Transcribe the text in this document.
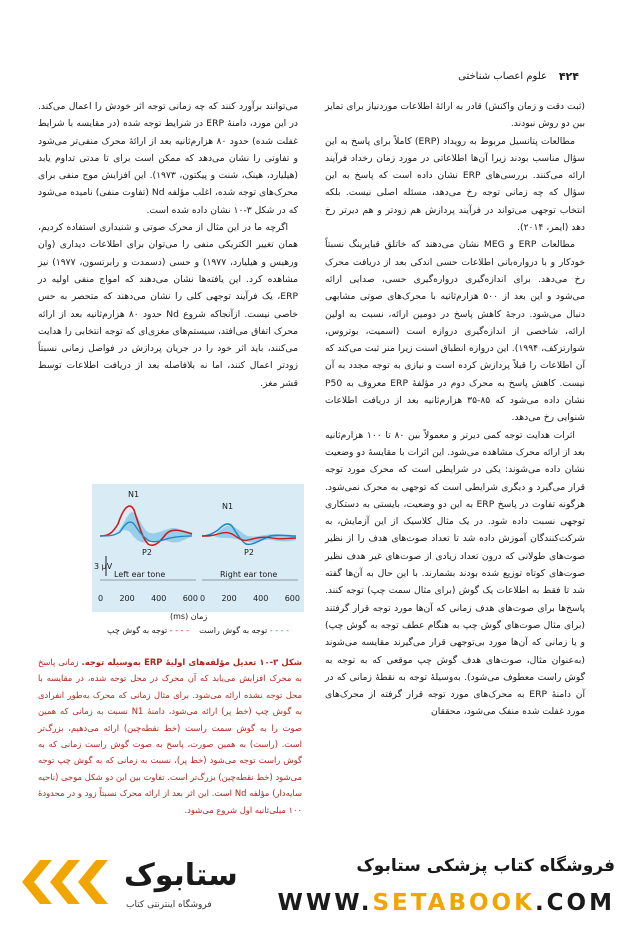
۴۲۴
علوم اعصاب شناختی

(ثبت دقت و زمان واکنش) قادر به ارائهٔ اطلاعات موردنیاز برای تمایز بین دو روش نبودند.

مطالعات پتانسیل مربوط به رویداد (ERP) کاملاً برای پاسخ به این سؤال مناسب بودند زیرا آن‌ها اطلاعاتی در مورد زمان رخداد فرآیند ارائه می‌کنند. بررسی‌های ERP نشان داده است که پاسخ به این سؤال که چه زمانی توجه رخ می‌دهد، مسئله اصلی نیست. بلکه انتخاب توجهی می‌تواند در فرآیند پردازش هم زودتر و هم دیرتر رخ دهد (ایمر، ۲۰۱۴).

مطالعات ERP و MEG نشان می‌دهند که خاتلق قبایرینگ نسبتاً خودکار و با درواره‌بانی اطلاعات حسی اندکی بعد از دریافت محرک رخ می‌دهد. برای اندازه‌گیری درواره‌گیری حسی، صدایی ارائه می‌شود و این بعد از ۵۰۰ هزارم‌ثانیه با محرک‌های صوتی مشابهی دنبال می‌شود. درجهٔ کاهش پاسخ در دومین ارائه، نسبت به اولین ارائه، شاخصی از اندازه‌گیری دروازه است (اسمیت، بوتروس، شوارتزکف، ۱۹۹۴). این دروازه انطباق اسنت زیرا منر ثبت می‌کند که آن اطلاعات را قبلاً پردازش کرده است و نیازی به توجه مجدد به آن نیست. کاهش پاسخ به محرک دوم در مؤلفهٔ ERP معروف به P50 نشان داده می‌شود که ۸۵-۳۵ هزارم‌ثانیه بعد از دریافت اطلاعات شنوایی رخ می‌دهد.

اثرات هدایت توجه کمی دیرتر و معمولاً بین ۸۰ تا ۱۰۰ هزارم‌ثانیه بعد از ارائه محرک مشاهده می‌شود. این اثرات با مقایسهٔ دو وضعیت نشان داده می‌شوند: یکی در شرایطی است که محرک مورد توجه قرار می‌گیرد و دیگری شرایطی است که توجهی به محرک نمی‌شود. هرگونه تفاوت در پاسخ ERP به این دو وضعیت، بایستی به دستکاری توجهی نسبت داده شود. در یک مثال کلاسیک از این آزمایش، به شرکت‌کنندگان آموزش داده شد تا تعداد صوت‌های هدف را از نظیر صوت‌های طولانی که درون تعداد زیادی از صوت‌های غیر هدف نظیر صوت‌های کوتاه توزیع شده بودند بشمارند. با این حال به آن‌ها گفته شد تا فقط به اطلاعات یک گوش (برای مثال سمت چپ) توجه کنند. پاسخ‌ها برای صوت‌های هدف زمانی که آن‌ها مورد توجه قرار گرفتند (برای مثال صوت‌های گوش چپ به هنگام عطف توجه به گوش چپ) و یا زمانی که آن‌ها مورد بی‌توجهی قرار می‌گیرند مقایسه می‌شوند (به‌عنوان مثال، صوت‌های هدف گوش چپ موقعی که به توجه به گوش راست معطوف می‌شود). به‌وسیلهٔ توجه به نقطهٔ زمانی که در آن دامنهٔ ERP به محرک‌های مورد توجه قرار گرفته از محرک‌های مورد غفلت شده منفک می‌شود، محققان

می‌توانند برآورد کنند که چه زمانی توجه اثر خودش را اعمال می‌کند. در این مورد، دامنهٔ ERP در شرایط توجه شده (در مقایسه با شرایط غفلت شده) حدود ۸۰ هزارم‌ثانیه بعد از ارائهٔ محرک منفی‌تر می‌شود و تفاوتی را نشان می‌دهد که ممکن است برای تا مدتی تداوم یابد (هیلیارد، هینک، شنت و پیکتون، ۱۹۷۳). این افزایش موج منفی برای محرک‌های توجه شده، اغلب مؤلفه Nd (تفاوت منفی) نامیده می‌شود که در شکل ۳-۱۰ نشان داده شده است.

اگرچه ما در این مثال از محرک صوتی و شنیداری استفاده کردیم، همان تغییر الکتریکی منفی را می‌توان برای اطلاعات دیداری (وان ورهیس و هیلیارد، ۱۹۷۷) و حسی (دسمدت و رابرتسون، ۱۹۷۷) نیز مشاهده کرد. این یافته‌ها نشان می‌دهند که امواج منفی اولیه در ERP، یک فرآیند توجهی کلی را نشان می‌دهند که متحصر به حس خاصی نیست. ازآنجاکه شروع Nd حدود ۸۰ هزارم‌ثانیه بعد از ارائه محرک اتفاق می‌افتد، سیستم‌های مغزی‌ای که توجه انتخابی را هدایت می‌کنند، باید اثر خود را در جریان پردازش در فواصل زمانی نسبتاً زودتر اعمال کنند، اما نه بلافاصله بعد از دریافت اطلاعات توسط قشر مغز.

N1
P2
N1
P2
3 μV
Left ear tone	Right ear tone
0 200 400 600 0 200 400 600
زمان (ms)
- - - - توجه به گوش راست    - - - - توجه به گوش چپ
شکل ۳-۱۰ تعدیل مؤلفه‌های اولیهٔ ERP به‌وسیله توجه. زمانی پاسخ به محرک افزایش می‌یابد که آن محرک در محل توجه شده، در مقایسه با محل توجه نشده ارائه می‌شود. برای مثال زمانی که محرک به‌طور انفرادی به گوش چپ (خط پر) ارائه می‌شود، دامنهٔ N1 نسبت به زمانی که همین صوت را به گوش سمت راست (خط نقطه‌چین) ارائه می‌دهیم، بزرگ‌تر است. (راست) به همین صورت، پاسخ به صوت گوش راست زمانی که به گوش راست توجه می‌شود (خط پر)، نسبت به زمانی که به گوش چپ توجه می‌شود (خط نقطه‌چین) بزرگ‌تر است. تفاوت بین این دو شکل موجی (ناحیه سایه‌دار) مؤلفه Nd است. این اثر بعد از ارائه محرک نسبتاً زود و در محدودهٔ ۱۰۰ میلی‌ثانیه اول شروع می‌شود.
ستابوک
فروشگاه اینترنتی کتاب
فروشگاه کتاب پزشکی ستابوک
WWW.SETABOOK.COM
